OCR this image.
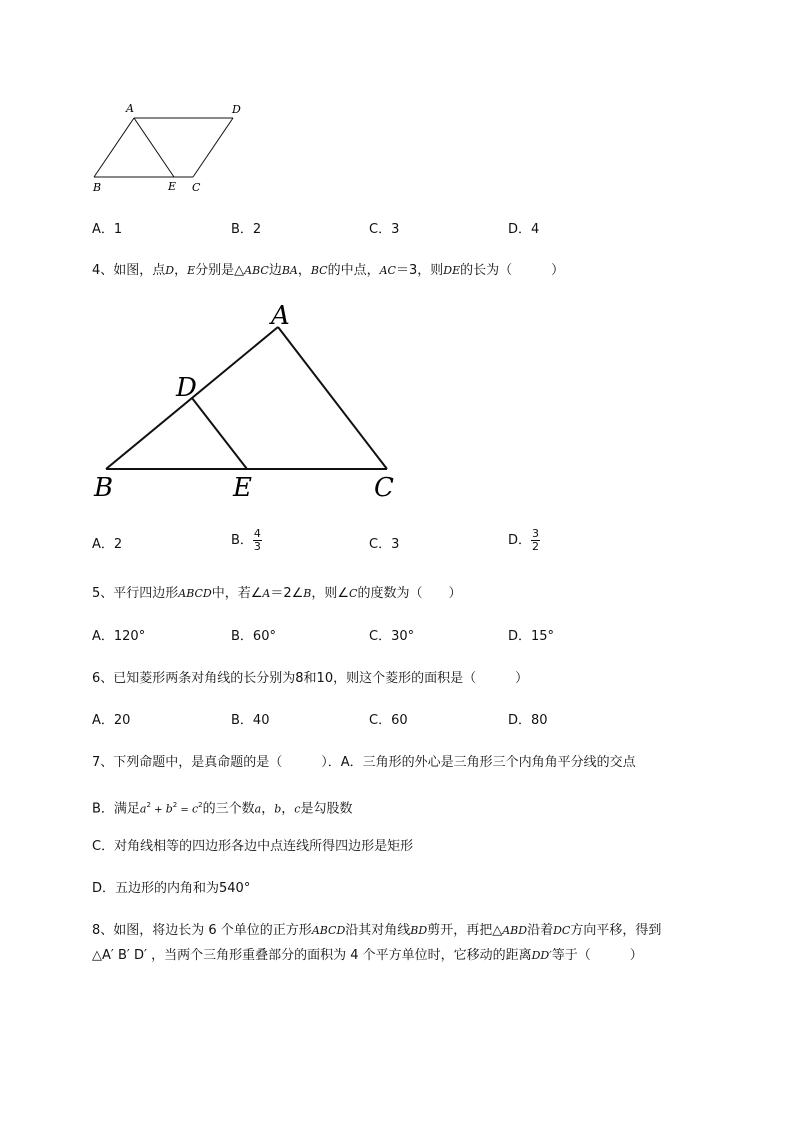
A	D
B	E C
A．1	B．2	C．3	D．4
4、如图，点D，E分别是△ABC边BA，BC的中点，AC＝3，则DE的长为（　　　）
A
D
B	E	C
A．2	B． $\frac{4}{3}$	C．3	D． $\frac{3}{2}$
5、平行四边形ABCD中，若∠A＝2∠B，则∠C的度数为（　　）
A．120°	B．60°	C．30°	D．15°
6、已知菱形两条对角线的长分别为8和10，则这个菱形的面积是（　　　）
A．20	B．40	C．60	D．80
7、下列命题中，是真命题的是（　　　）．A．三角形的外心是三角形三个内角角平分线的交点
B．满足$a^2 + b^2 = c^2$的三个数a，b，c是勾股数
C．对角线相等的四边形各边中点连线所得四边形是矩形
D．五边形的内角和为540°
8、如图，将边长为 6 个单位的正方形ABCD沿其对角线BD剪开，再把△ABD沿着DC方向平移，得到
△A′ B′ D′ ，当两个三角形重叠部分的面积为 4 个平方单位时，它移动的距离DD′等于（　　　）
